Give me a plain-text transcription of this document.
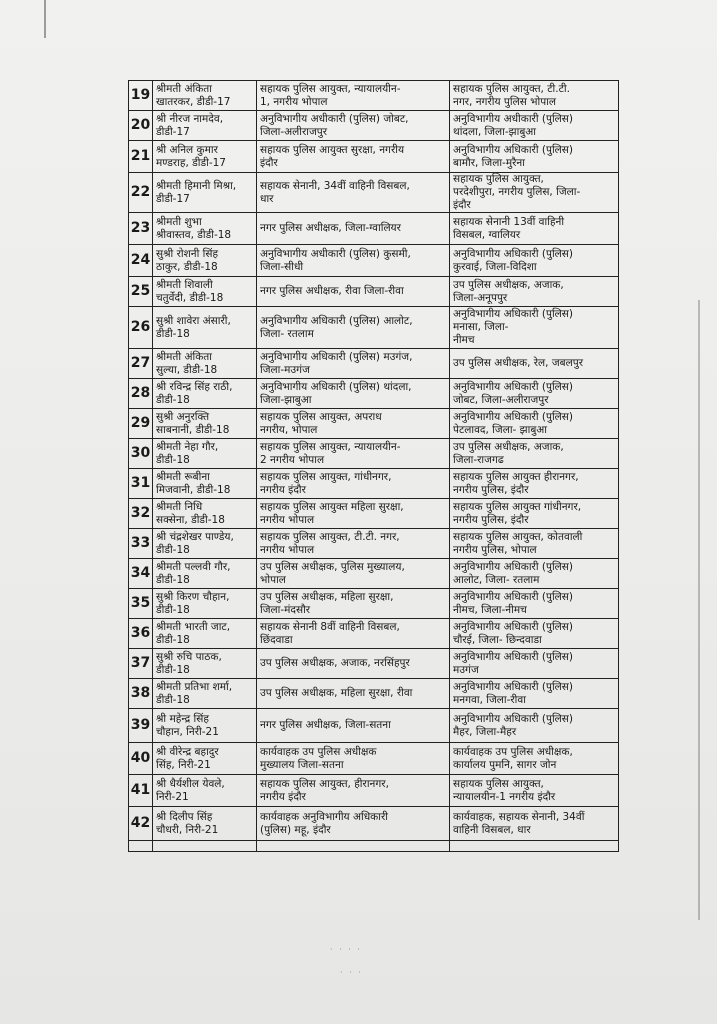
19	श्रीमती अंकिता
खातरकर, डीडी-17	सहायक पुलिस आयुक्त, न्यायालयीन-
1, नगरीय भोपाल	सहायक पुलिस आयुक्त, टी.टी.
नगर, नगरीय पुलिस भोपाल
20	श्री नीरज नामदेव,
डीडी-17	अनुविभागीय अधीकारी (पुलिस) जोबट,
जिला-अलीराजपुर	अनुविभागीय अधीकारी (पुलिस)
थांदला, जिला-झाबुआ
21	श्री अनिल कुमार
मण्डराह, डीडी-17	सहायक पुलिस आयुक्त सुरक्षा, नगरीय
इंदौर	अनुविभागीय अधिकारी (पुलिस)
बामौर, जिला-मुरैना
22	श्रीमती हिमानी मिश्रा,
डीडी-17	सहायक सेनानी, 34वीं वाहिनी विसबल,
धार	सहायक पुलिस आयुक्त,
परदेशीपुरा, नगरीय पुलिस, जिला-
इंदौर
23	श्रीमती शुभा
श्रीवास्तव, डीडी-18	नगर पुलिस अधीक्षक, जिला-ग्वालियर	सहायक सेनानी 13वीं वाहिनी
विसबल, ग्वालियर
24	सुश्री रोशनी सिंह
ठाकुर, डीडी-18	अनुविभागीय अधीकारी (पुलिस) कुसमी,
जिला-सीधी	अनुविभागीय अधिकारी (पुलिस)
कुरवाई, जिला-विदिशा
25	श्रीमती शिवाली
चतुर्वेदी, डीडी-18	नगर पुलिस अधीक्षक, रीवा जिला-रीवा	उप पुलिस अधीक्षक, अजाक,
जिला-अनूपपुर
26	सुश्री शावेरा अंसारी,
डीडी-18	अनुविभागीय अधिकारी (पुलिस) आलोट,
जिला- रतलाम	अनुविभागीय अधिकारी (पुलिस)
मनासा, जिला-
नीमच
27	श्रीमती अंकिता
सुल्या, डीडी-18	अनुविभागीय अधिकारी (पुलिस) मउगंज,
जिला-मउगंज	उप पुलिस अधीक्षक, रेल, जबलपुर
28	श्री रविन्द्र सिंह राठी,
डीडी-18	अनुविभागीय अधिकारी (पुलिस) थांदला,
जिला-झाबुआ	अनुविभागीय अधिकारी (पुलिस)
जोबट, जिला-अलीराजपुर
29	सुश्री अनुरक्ति
साबनानी, डीडी-18	सहायक पुलिस आयुक्त, अपराध
नगरीय, भोपाल	अनुविभागीय अधिकारी (पुलिस)
पेटलावद, जिला- झाबुआ
30	श्रीमती नेहा गौर,
डीडी-18	सहायक पुलिस आयुक्त, न्यायालयीन-
2 नगरीय भोपाल	उप पुलिस अधीक्षक, अजाक,
जिला-राजगढ
31	श्रीमती रूबीना
मिजवानी, डीडी-18	सहायक पुलिस आयुक्त, गांधीनगर,
नगरीय इंदौर	सहायक पुलिस आयुक्त हीरानगर,
नगरीय पुलिस, इंदौर
32	श्रीमती निधि
सक्सेना, डीडी-18	सहायक पुलिस आयुक्त महिला सुरक्षा,
नगरीय भोपाल	सहायक पुलिस आयुक्त गांधीनगर,
नगरीय पुलिस, इंदौर
33	श्री चंद्रशेखर पाण्डेय,
डीडी-18	सहायक पुलिस आयुक्त, टी.टी. नगर,
नगरीय भोपाल	सहायक पुलिस आयुक्त, कोतवाली
नगरीय पुलिस, भोपाल
34	श्रीमती पल्लवी गौर,
डीडी-18	उप पुलिस अधीक्षक, पुलिस मुख्यालय,
भोपाल	अनुविभागीय अधिकारी (पुलिस)
आलोट, जिला- रतलाम
35	सुश्री किरण चौहान,
डीडी-18	उप पुलिस अधीक्षक, महिला सुरक्षा,
जिला-मंदसौर	अनुविभागीय अधिकारी (पुलिस)
नीमच, जिला-नीमच
36	श्रीमती भारती जाट,
डीडी-18	सहायक सेनानी 8वीं वाहिनी विसबल,
छिंदवाडा	अनुविभागीय अधिकारी (पुलिस)
चौरई, जिला- छिन्दवाडा
37	सुश्री रुचि पाठक,
डीडी-18	उप पुलिस अधीक्षक, अजाक, नरसिंहपुर	अनुविभागीय अधिकारी (पुलिस)
मउगंज
38	श्रीमती प्रतिभा शर्मा,
डीडी-18	उप पुलिस अधीक्षक, महिला सुरक्षा, रीवा	अनुविभागीय अधिकारी (पुलिस)
मनगवा, जिला-रीवा
39	श्री महेन्द्र सिंह
चौहान, निरी-21	नगर पुलिस अधीक्षक, जिला-सतना	अनुविभागीय अधिकारी (पुलिस)
मैहर, जिला-मैहर
40	श्री वीरेन्द्र बहादुर
सिंह, निरी-21	कार्यवाहक उप पुलिस अधीक्षक
मुख्यालय जिला-सतना	कार्यवाहक उप पुलिस अधीक्षक,
कार्यालय पुमनि, सागर जोन
41	श्री धैर्यशील येवले,
निरी-21	सहायक पुलिस आयुक्त, हीरानगर,
नगरीय इंदौर	सहायक पुलिस आयुक्त,
न्यायालयीन-1 नगरीय इंदौर
42	श्री दिलीप सिंह
चौधरी, निरी-21	कार्यवाहक अनुविभागीय अधिकारी
(पुलिस) महू, इंदौर	कार्यवाहक, सहायक सेनानी, 34वीं
वाहिनी विसबल, धार

· · · ·
· · ·
